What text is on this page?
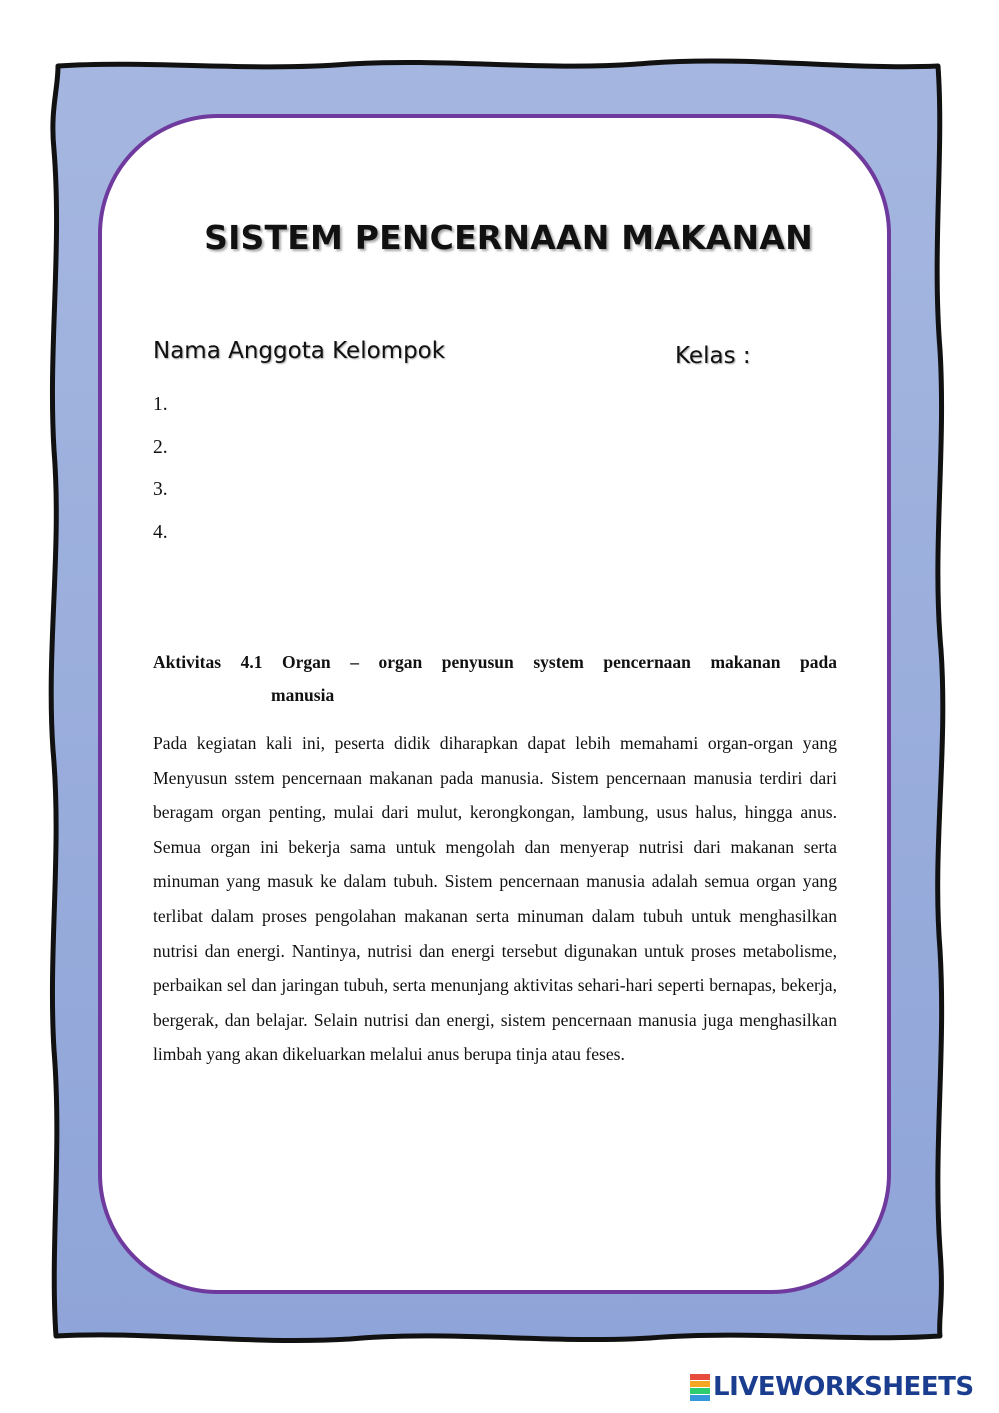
SISTEM PENCERNAAN MAKANAN

Nama Anggota Kelompok	Kelas :

1.
2.
3.
4.

Aktivitas 4.1 Organ – organ penyusun system pencernaan makanan pada
manusia

Pada kegiatan kali ini, peserta didik diharapkan dapat lebih memahami organ-organ yang Menyusun sstem pencernaan makanan pada manusia. Sistem pencernaan manusia terdiri dari beragam organ penting, mulai dari mulut, kerongkongan, lambung, usus halus, hingga anus. Semua organ ini bekerja sama untuk mengolah dan menyerap nutrisi dari makanan serta minuman yang masuk ke dalam tubuh. Sistem pencernaan manusia adalah semua organ yang terlibat dalam proses pengolahan makanan serta minuman dalam tubuh untuk menghasilkan nutrisi dan energi. Nantinya, nutrisi dan energi tersebut digunakan untuk proses metabolisme, perbaikan sel dan jaringan tubuh, serta menunjang aktivitas sehari-hari seperti bernapas, bekerja, bergerak, dan belajar. Selain nutrisi dan energi, sistem pencernaan manusia juga menghasilkan limbah yang akan dikeluarkan melalui anus berupa tinja atau feses.

LIVEWORKSHEETS
